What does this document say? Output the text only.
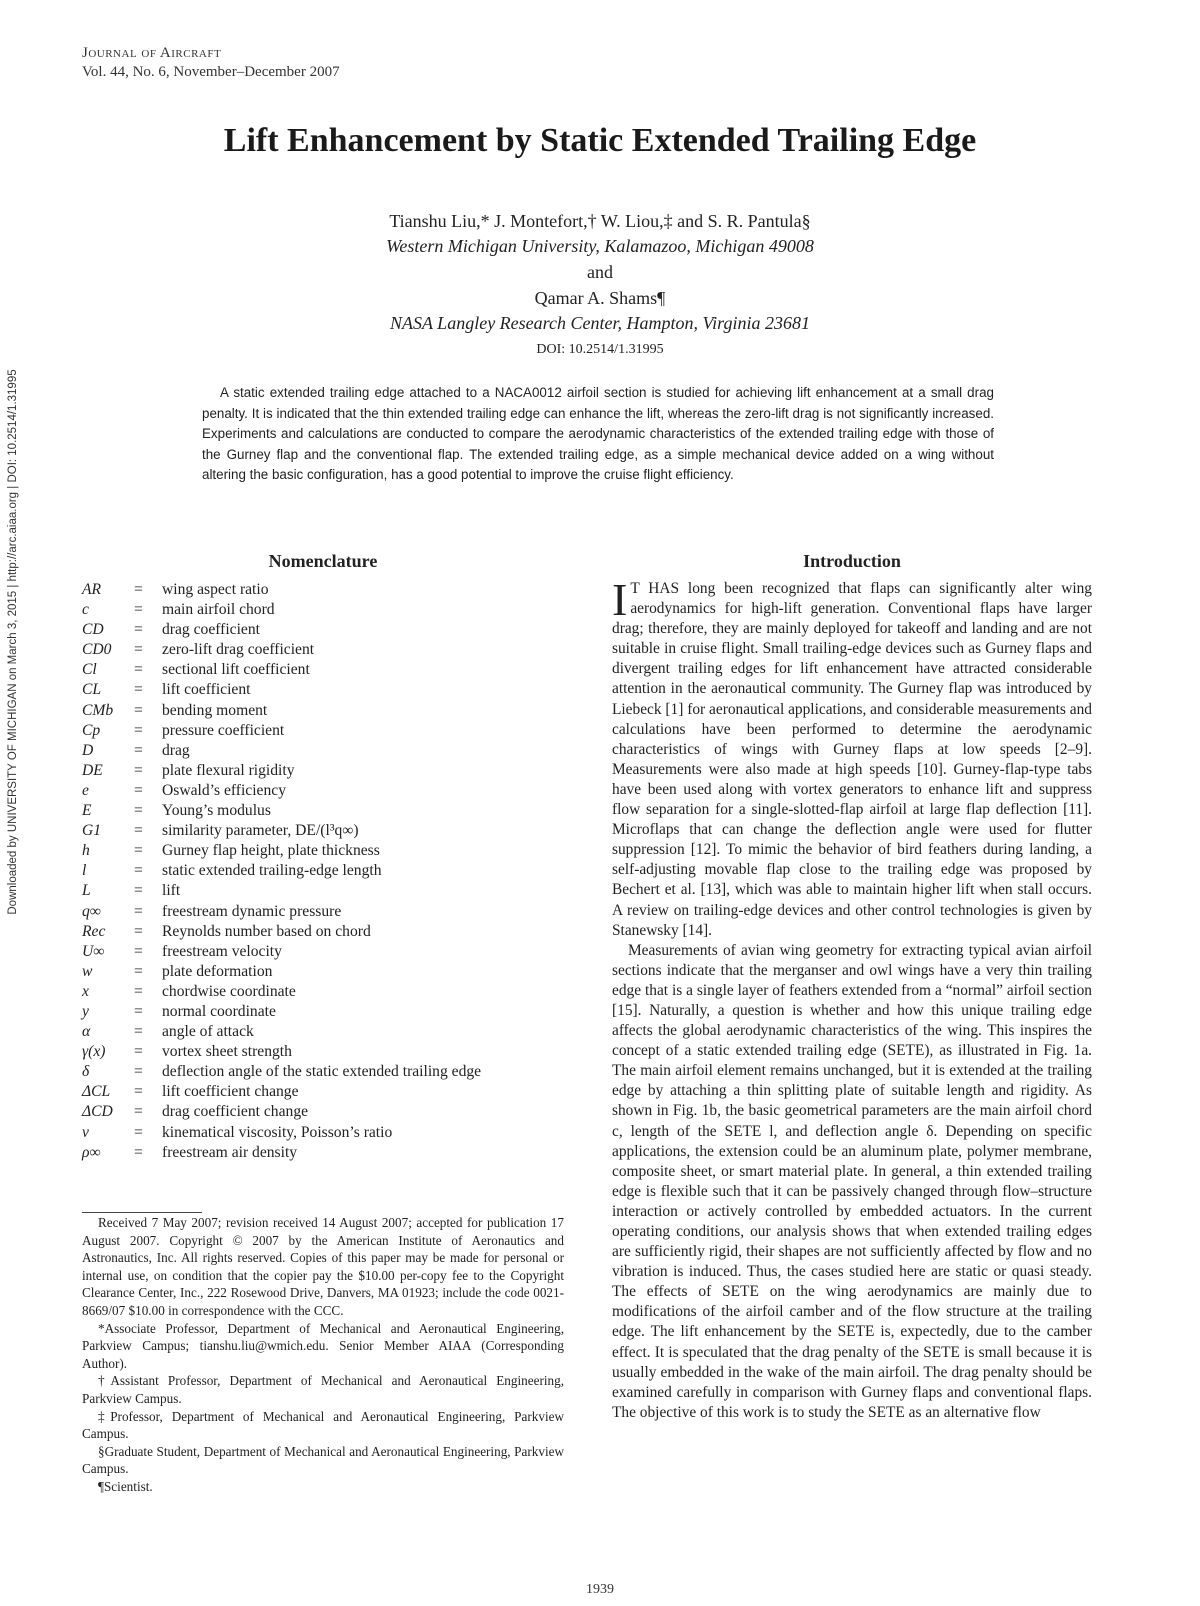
Journal of Aircraft
Vol. 44, No. 6, November–December 2007
Lift Enhancement by Static Extended Trailing Edge
Tianshu Liu,* J. Montefort,† W. Liou,‡ and S. R. Pantula§
Western Michigan University, Kalamazoo, Michigan 49008
and
Qamar A. Shams¶
NASA Langley Research Center, Hampton, Virginia 23681
DOI: 10.2514/1.31995
A static extended trailing edge attached to a NACA0012 airfoil section is studied for achieving lift enhancement at a small drag penalty. It is indicated that the thin extended trailing edge can enhance the lift, whereas the zero-lift drag is not significantly increased. Experiments and calculations are conducted to compare the aerodynamic characteristics of the extended trailing edge with those of the Gurney flap and the conventional flap. The extended trailing edge, as a simple mechanical device added on a wing without altering the basic configuration, has a good potential to improve the cruise flight efficiency.
Downloaded by UNIVERSITY OF MICHIGAN on March 3, 2015 | http://arc.aiaa.org | DOI: 10.2514/1.31995	Nomenclature
AR	=	wing aspect ratio
c	=	main airfoil chord
CD	=	drag coefficient
CD0	=	zero-lift drag coefficient
Cl	=	sectional lift coefficient
CL	=	lift coefficient
CMb	=	bending moment
Cp	=	pressure coefficient
D	=	drag
DE	=	plate flexural rigidity
e	=	Oswald’s efficiency
E	=	Young’s modulus
G1	=	similarity parameter, DE/(l³q∞)
h	=	Gurney flap height, plate thickness
l	=	static extended trailing-edge length
L	=	lift
q∞	=	freestream dynamic pressure
Rec	=	Reynolds number based on chord
U∞	=	freestream velocity
w	=	plate deformation
x	=	chordwise coordinate
y	=	normal coordinate
α	=	angle of attack
γ(x)	=	vortex sheet strength
δ	=	deflection angle of the static extended trailing edge
ΔCL	=	lift coefficient change
ΔCD	=	drag coefficient change
ν	=	kinematical viscosity, Poisson’s ratio
ρ∞	=	freestream air density

Received 7 May 2007; revision received 14 August 2007; accepted for publication 17 August 2007. Copyright © 2007 by the American Institute of Aeronautics and Astronautics, Inc. All rights reserved. Copies of this paper may be made for personal or internal use, on condition that the copier pay the $10.00 per-copy fee to the Copyright Clearance Center, Inc., 222 Rosewood Drive, Danvers, MA 01923; include the code 0021-8669/07 $10.00 in correspondence with the CCC.

*Associate Professor, Department of Mechanical and Aeronautical Engineering, Parkview Campus; tianshu.liu@wmich.edu. Senior Member AIAA (Corresponding Author).

†Assistant Professor, Department of Mechanical and Aeronautical Engineering, Parkview Campus.

‡Professor, Department of Mechanical and Aeronautical Engineering, Parkview Campus.

§Graduate Student, Department of Mechanical and Aeronautical Engineering, Parkview Campus.

¶Scientist.

Introduction

I T HAS long been recognized that flaps can significantly alter wing aerodynamics for high-lift generation. Conventional flaps have larger drag; therefore, they are mainly deployed for takeoff and landing and are not suitable in cruise flight. Small trailing-edge devices such as Gurney flaps and divergent trailing edges for lift enhancement have attracted considerable attention in the aeronautical community. The Gurney flap was introduced by Liebeck [1] for aeronautical applications, and considerable measurements and calculations have been performed to determine the aerodynamic characteristics of wings with Gurney flaps at low speeds [2–9]. Measurements were also made at high speeds [10]. Gurney-flap-type tabs have been used along with vortex generators to enhance lift and suppress flow separation for a single-slotted-flap airfoil at large flap deflection [11]. Microflaps that can change the deflection angle were used for flutter suppression [12]. To mimic the behavior of bird feathers during landing, a self-adjusting movable flap close to the trailing edge was proposed by Bechert et al. [13], which was able to maintain higher lift when stall occurs. A review on trailing-edge devices and other control technologies is given by Stanewsky [14].

Measurements of avian wing geometry for extracting typical avian airfoil sections indicate that the merganser and owl wings have a very thin trailing edge that is a single layer of feathers extended from a “normal” airfoil section [15]. Naturally, a question is whether and how this unique trailing edge affects the global aerodynamic characteristics of the wing. This inspires the concept of a static extended trailing edge (SETE), as illustrated in Fig. 1a. The main airfoil element remains unchanged, but it is extended at the trailing edge by attaching a thin splitting plate of suitable length and rigidity. As shown in Fig. 1b, the basic geometrical parameters are the main airfoil chord c, length of the SETE l, and deflection angle δ. Depending on specific applications, the extension could be an aluminum plate, polymer membrane, composite sheet, or smart material plate. In general, a thin extended trailing edge is flexible such that it can be passively changed through flow–structure interaction or actively controlled by embedded actuators. In the current operating conditions, our analysis shows that when extended trailing edges are sufficiently rigid, their shapes are not sufficiently affected by flow and no vibration is induced. Thus, the cases studied here are static or quasi steady. The effects of SETE on the wing aerodynamics are mainly due to modifications of the airfoil camber and of the flow structure at the trailing edge. The lift enhancement by the SETE is, expectedly, due to the camber effect. It is speculated that the drag penalty of the SETE is small because it is usually embedded in the wake of the main airfoil. The drag penalty should be examined carefully in comparison with Gurney flaps and conventional flaps. The objective of this work is to study the SETE as an alternative flow

1939
